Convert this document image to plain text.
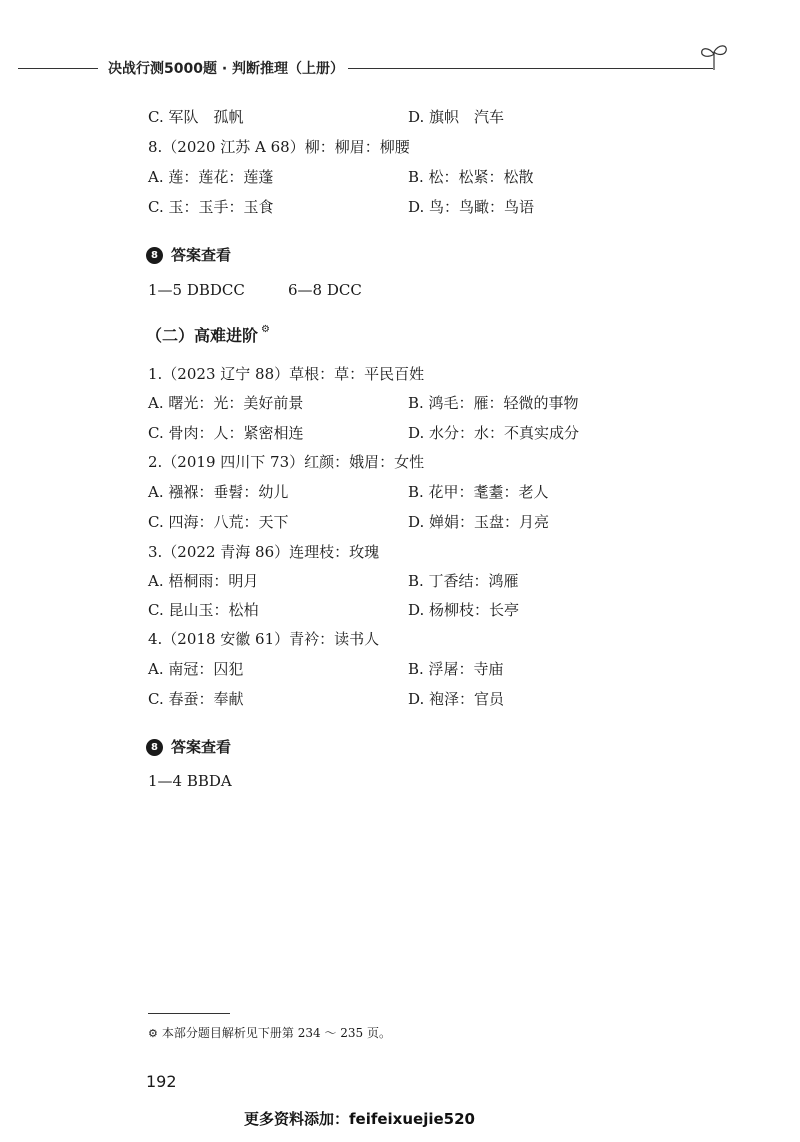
决战行测5000题 · 判断推理（上册）
C. 军队　孤帆	D. 旗帜　汽车
8.（2020 江苏 A 68）柳：柳眉：柳腰
A. 莲：莲花：莲蓬	B. 松：松紧：松散
C. 玉：玉手：玉食	D. 鸟：鸟瞰：鸟语
8 答案查看
1—5 DBDCC	6—8 DCC
（二）高难进阶 ⚙
1.（2023 辽宁 88）草根：草：平民百姓
A. 曙光：光：美好前景	B. 鸿毛：雁：轻微的事物
C. 骨肉：人：紧密相连	D. 水分：水：不真实成分
2.（2019 四川下 73）红颜：娥眉：女性
A. 襁褓：垂髫：幼儿	B. 花甲：耄耋：老人
C. 四海：八荒：天下	D. 婵娟：玉盘：月亮
3.（2022 青海 86）连理枝：玫瑰
A. 梧桐雨：明月	B. 丁香结：鸿雁
C. 昆山玉：松柏	D. 杨柳枝：长亭
4.（2018 安徽 61）青衿：读书人
A. 南冠：囚犯	B. 浮屠：寺庙
C. 春蚕：奉献	D. 袍泽：官员
8 答案查看
1—4 BBDA
⚙ 本部分题目解析见下册第 234 ～ 235 页。
192
更多资料添加：feifeixuejie520
